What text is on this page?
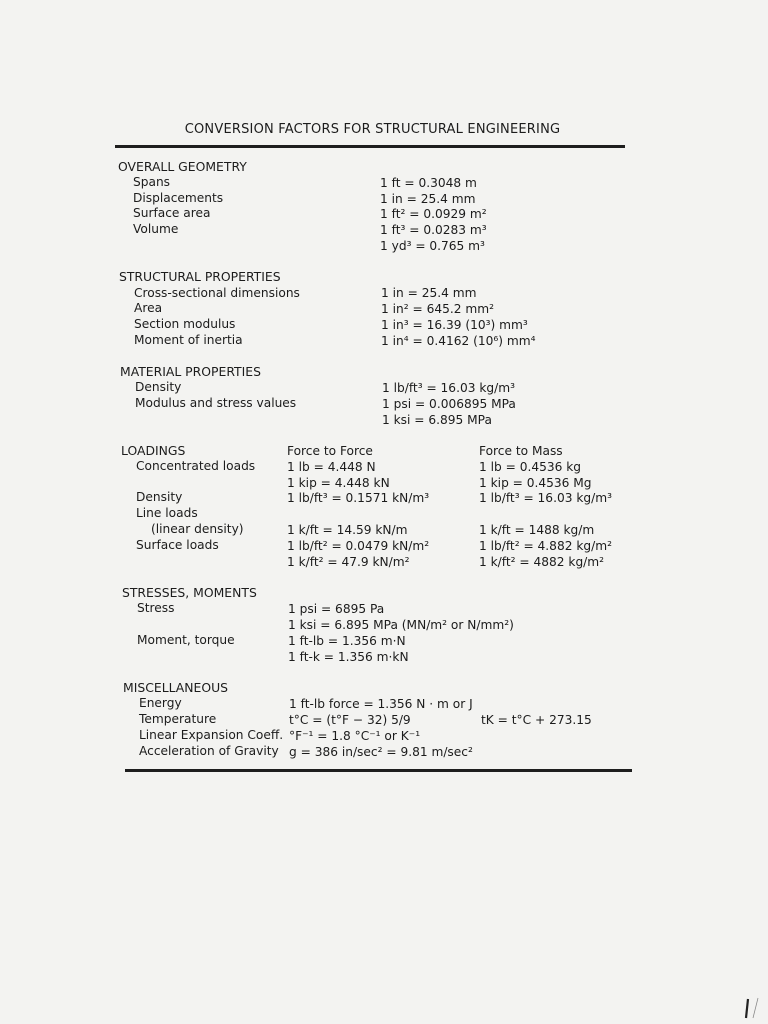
CONVERSION FACTORS FOR STRUCTURAL ENGINEERING
OVERALL GEOMETRY
Spans
Displacements
Surface area
Volume
1 ft = 0.3048 m
1 in = 25.4 mm
1 ft² = 0.0929 m²
1 ft³ = 0.0283 m³
1 yd³ = 0.765 m³
STRUCTURAL PROPERTIES
Cross-sectional dimensions
Area
Section modulus
Moment of inertia
1 in = 25.4 mm
1 in² = 645.2 mm²
1 in³ = 16.39 (10³) mm³
1 in⁴ = 0.4162 (10⁶) mm⁴
MATERIAL PROPERTIES
Density
Modulus and stress values
1 lb/ft³ = 16.03 kg/m³
1 psi = 0.006895 MPa
1 ksi = 6.895 MPa
LOADINGS	Force to Force	Force to Mass
Concentrated loads
Density
Line loads
(linear density)
Surface loads
1 lb = 4.448 N
1 kip = 4.448 kN
1 lb/ft³ = 0.1571 kN/m³
1 k/ft = 14.59 kN/m
1 lb/ft² = 0.0479 kN/m²
1 k/ft² = 47.9 kN/m²
1 lb = 0.4536 kg
1 kip = 0.4536 Mg
1 lb/ft³ = 16.03 kg/m³
1 k/ft = 1488 kg/m
1 lb/ft² = 4.882 kg/m²
1 k/ft² = 4882 kg/m²
STRESSES, MOMENTS
Stress
Moment, torque
1 psi = 6895 Pa
1 ksi = 6.895 MPa (MN/m² or N/mm²)
1 ft-lb = 1.356 m·N
1 ft-k = 1.356 m·kN
MISCELLANEOUS
Energy
Temperature
Linear Expansion Coeff.
Acceleration of Gravity
1 ft-lb force = 1.356 N · m or J
t°C = (t°F − 32) 5/9
°F⁻¹ = 1.8 °C⁻¹ or K⁻¹
g = 386 in/sec² = 9.81 m/sec²
tK = t°C + 273.15
